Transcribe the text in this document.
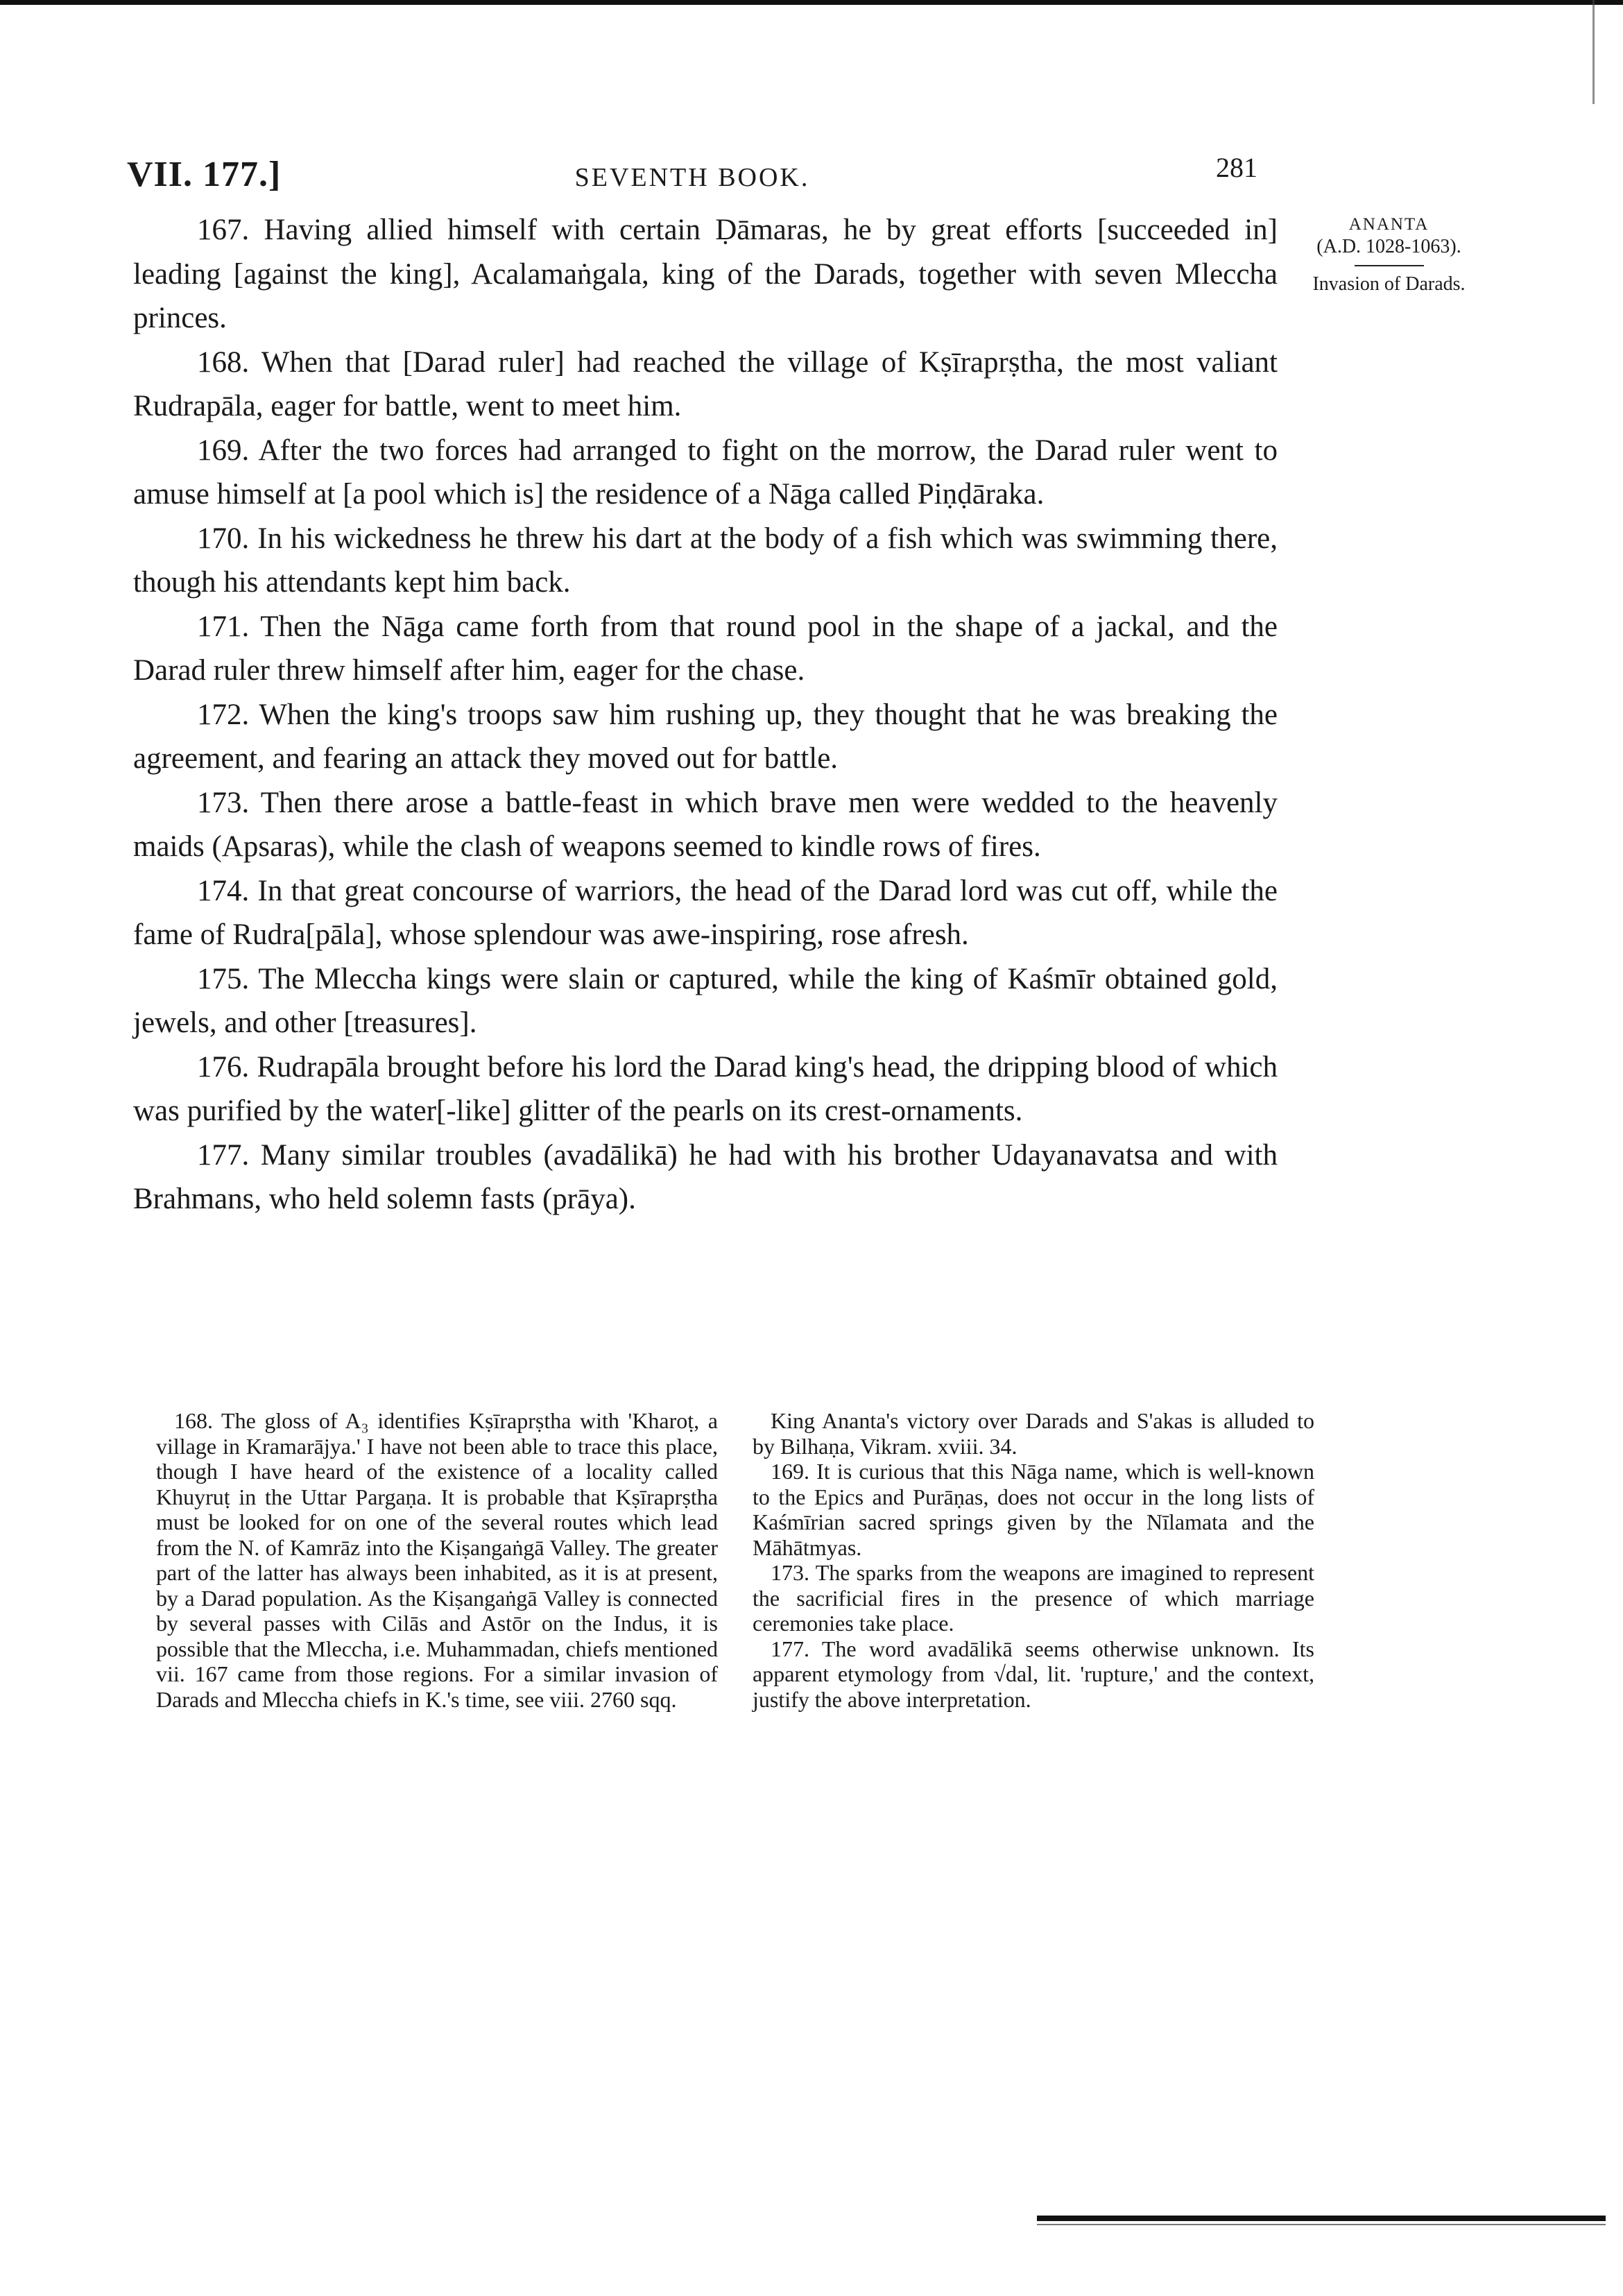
VII. 177.]	SEVENTH BOOK.	281
ANANTA
(A.D. 1028-1063).
Invasion of Darads.

167. Having allied himself with certain Ḍāmaras, he by great efforts [succeeded in] leading [against the king], Acalamaṅgala, king of the Darads, together with seven Mleccha princes.

168. When that [Darad ruler] had reached the village of Kṣīraprṣtha, the most valiant Rudrapāla, eager for battle, went to meet him.

169. After the two forces had arranged to fight on the morrow, the Darad ruler went to amuse himself at [a pool which is] the residence of a Nāga called Piṇḍāraka.

170. In his wickedness he threw his dart at the body of a fish which was swimming there, though his attendants kept him back.

171. Then the Nāga came forth from that round pool in the shape of a jackal, and the Darad ruler threw himself after him, eager for the chase.

172. When the king's troops saw him rushing up, they thought that he was breaking the agreement, and fearing an attack they moved out for battle.

173. Then there arose a battle-feast in which brave men were wedded to the heavenly maids (Apsaras), while the clash of weapons seemed to kindle rows of fires.

174. In that great concourse of warriors, the head of the Darad lord was cut off, while the fame of Rudra[pāla], whose splendour was awe-inspiring, rose afresh.

175. The Mleccha kings were slain or captured, while the king of Kaśmīr obtained gold, jewels, and other [treasures].

176. Rudrapāla brought before his lord the Darad king's head, the dripping blood of which was purified by the water[-like] glitter of the pearls on its crest-ornaments.

177. Many similar troubles (avadālikā) he had with his brother Udayanavatsa and with Brahmans, who held solemn fasts (prāya).

168. The gloss of A₃ identifies Kṣīraprṣtha with 'Kharoṭ, a village in Kramarājya.' I have not been able to trace this place, though I have heard of the existence of a locality called Khuyruṭ in the Uttar Pargaṇa. It is probable that Kṣīraprṣtha must be looked for on one of the several routes which lead from the N. of Kamrāz into the Kiṣangaṅgā Valley. The greater part of the latter has always been inhabited, as it is at present, by a Darad population. As the Kiṣangaṅgā Valley is connected by several passes with Cilās and Astōr on the Indus, it is possible that the Mleccha, i.e. Muhammadan, chiefs mentioned vii. 167 came from those regions. For a similar invasion of Darads and Mleccha chiefs in K.'s time, see viii. 2760 sqq.

King Ananta's victory over Darads and S'akas is alluded to by Bilhaṇa, Vikram. xviii. 34.

169. It is curious that this Nāga name, which is well-known to the Epics and Purāṇas, does not occur in the long lists of Kaśmīrian sacred springs given by the Nīlamata and the Māhātmyas.

173. The sparks from the weapons are imagined to represent the sacrificial fires in the presence of which marriage ceremonies take place.

177. The word avadālikā seems otherwise unknown. Its apparent etymology from √dal, lit. 'rupture,' and the context, justify the above interpretation.
